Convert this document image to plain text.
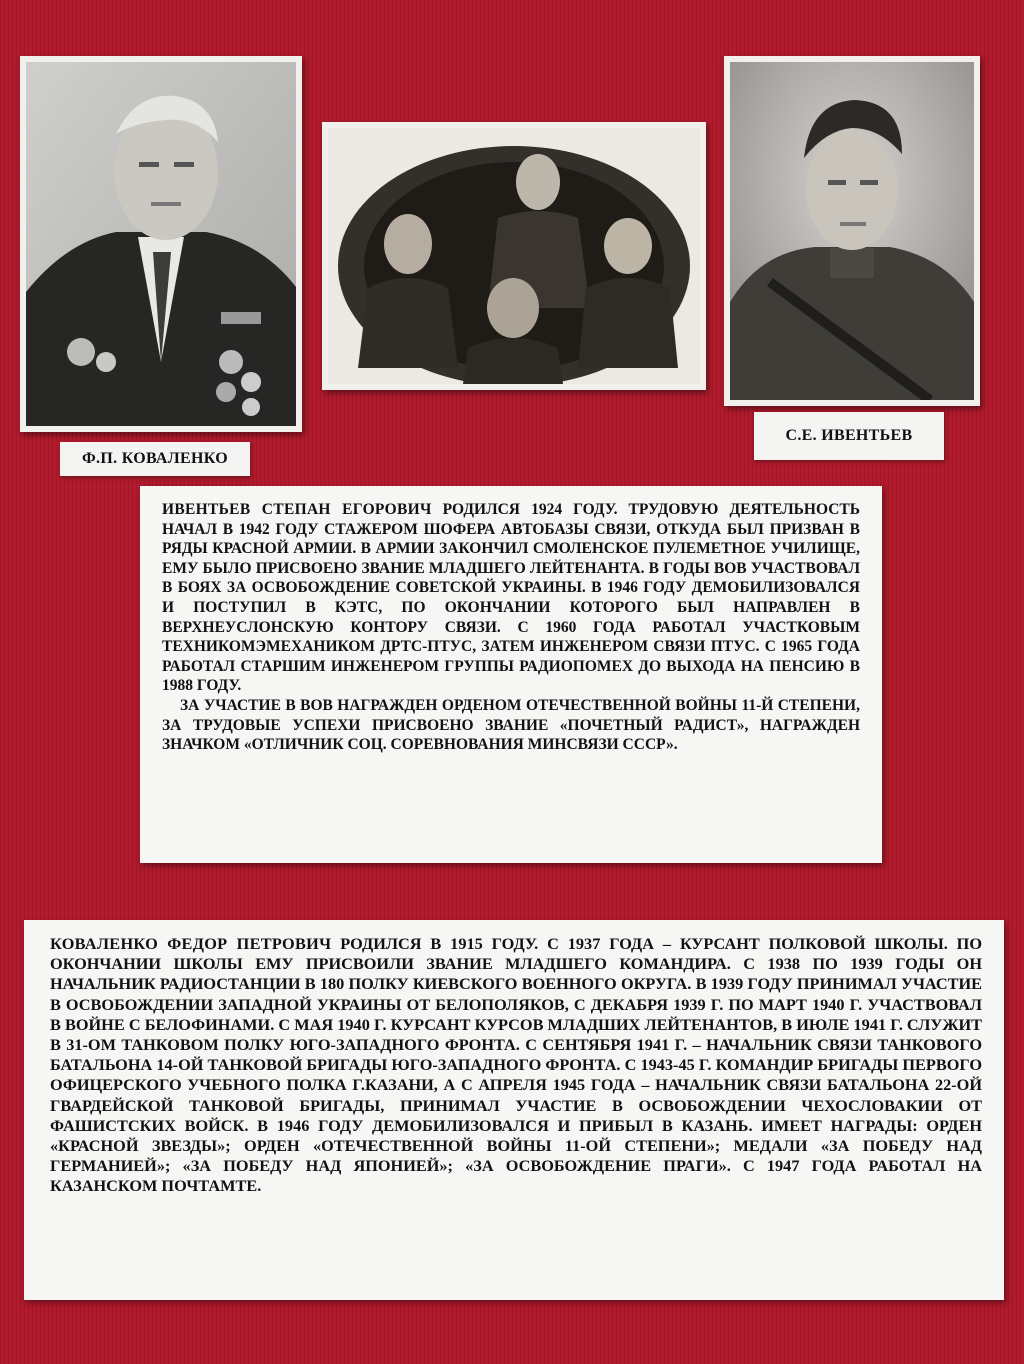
Ф.П. КОВАЛЕНКО
С.Е. ИВЕНТЬЕВ

ИВЕНТЬЕВ СТЕПАН ЕГОРОВИЧ РОДИЛСЯ 1924 ГОДУ. ТРУДОВУЮ ДЕЯТЕЛЬНОСТЬ НАЧАЛ В 1942 ГОДУ СТАЖЕРОМ ШОФЕРА АВТОБАЗЫ СВЯЗИ, ОТКУДА БЫЛ ПРИЗВАН В РЯДЫ КРАСНОЙ АРМИИ. В АРМИИ ЗАКОНЧИЛ СМОЛЕНСКОЕ ПУЛЕМЕТНОЕ УЧИЛИЩЕ, ЕМУ БЫЛО ПРИСВОЕНО ЗВАНИЕ МЛАДШЕГО ЛЕЙТЕНАНТА. В ГОДЫ ВОВ УЧАСТВОВАЛ В БОЯХ ЗА ОСВОБОЖДЕНИЕ СОВЕТСКОЙ УКРАИНЫ. В 1946 ГОДУ ДЕМОБИЛИЗОВАЛСЯ И ПОСТУПИЛ В КЭТС, ПО ОКОНЧАНИИ КОТОРОГО БЫЛ НАПРАВЛЕН В ВЕРХНЕУСЛОНСКУЮ КОНТОРУ СВЯЗИ. С 1960 ГОДА РАБОТАЛ УЧАСТКОВЫМ ТЕХНИКОМЭМЕХАНИКОМ ДРТС-ПТУС, ЗАТЕМ ИНЖЕНЕРОМ СВЯЗИ ПТУС. С 1965 ГОДА РАБОТАЛ СТАРШИМ ИНЖЕНЕРОМ ГРУППЫ РАДИОПОМЕХ ДО ВЫХОДА НА ПЕНСИЮ В 1988 ГОДУ.

ЗА УЧАСТИЕ В ВОВ НАГРАЖДЕН ОРДЕНОМ ОТЕЧЕСТВЕННОЙ ВОЙНЫ 11-Й СТЕПЕНИ, ЗА ТРУДОВЫЕ УСПЕХИ ПРИСВОЕНО ЗВАНИЕ «ПОЧЕТНЫЙ РАДИСТ», НАГРАЖДЕН ЗНАЧКОМ «ОТЛИЧНИК СОЦ. СОРЕВНОВАНИЯ МИНСВЯЗИ СССР».

КОВАЛЕНКО ФЕДОР ПЕТРОВИЧ РОДИЛСЯ В 1915 ГОДУ. С 1937 ГОДА – КУРСАНТ ПОЛКОВОЙ ШКОЛЫ. ПО ОКОНЧАНИИ ШКОЛЫ ЕМУ ПРИСВОИЛИ ЗВАНИЕ МЛАДШЕГО КОМАНДИРА. С 1938 ПО 1939 ГОДЫ ОН НАЧАЛЬНИК РАДИОСТАНЦИИ В 180 ПОЛКУ КИЕВСКОГО ВОЕННОГО ОКРУГА. В 1939 ГОДУ ПРИНИМАЛ УЧАСТИЕ В ОСВОБОЖДЕНИИ ЗАПАДНОЙ УКРАИНЫ ОТ БЕЛОПОЛЯКОВ, С ДЕКАБРЯ 1939 Г. ПО МАРТ 1940 Г. УЧАСТВОВАЛ В ВОЙНЕ С БЕЛОФИНАМИ. С МАЯ 1940 Г. КУРСАНТ КУРСОВ МЛАДШИХ ЛЕЙТЕНАНТОВ, В ИЮЛЕ 1941 Г. СЛУЖИТ В 31-ОМ ТАНКОВОМ ПОЛКУ ЮГО-ЗАПАДНОГО ФРОНТА. С СЕНТЯБРЯ 1941 Г. – НАЧАЛЬНИК СВЯЗИ ТАНКОВОГО БАТАЛЬОНА 14-ОЙ ТАНКОВОЙ БРИГАДЫ ЮГО-ЗАПАДНОГО ФРОНТА. С 1943-45 Г. КОМАНДИР БРИГАДЫ ПЕРВОГО ОФИЦЕРСКОГО УЧЕБНОГО ПОЛКА Г.КАЗАНИ, А С АПРЕЛЯ 1945 ГОДА – НАЧАЛЬНИК СВЯЗИ БАТАЛЬОНА 22-ОЙ ГВАРДЕЙСКОЙ ТАНКОВОЙ БРИГАДЫ, ПРИНИМАЛ УЧАСТИЕ В ОСВОБОЖДЕНИИ ЧЕХОСЛОВАКИИ ОТ ФАШИСТСКИХ ВОЙСК. В 1946 ГОДУ ДЕМОБИЛИЗОВАЛСЯ И ПРИБЫЛ В КАЗАНЬ. ИМЕЕТ НАГРАДЫ: ОРДЕН «КРАСНОЙ ЗВЕЗДЫ»; ОРДЕН «ОТЕЧЕСТВЕННОЙ ВОЙНЫ 11-ОЙ СТЕПЕНИ»; МЕДАЛИ «ЗА ПОБЕДУ НАД ГЕРМАНИЕЙ»; «ЗА ПОБЕДУ НАД ЯПОНИЕЙ»; «ЗА ОСВОБОЖДЕНИЕ ПРАГИ». С 1947 ГОДА РАБОТАЛ НА КАЗАНСКОМ ПОЧТАМТЕ.
